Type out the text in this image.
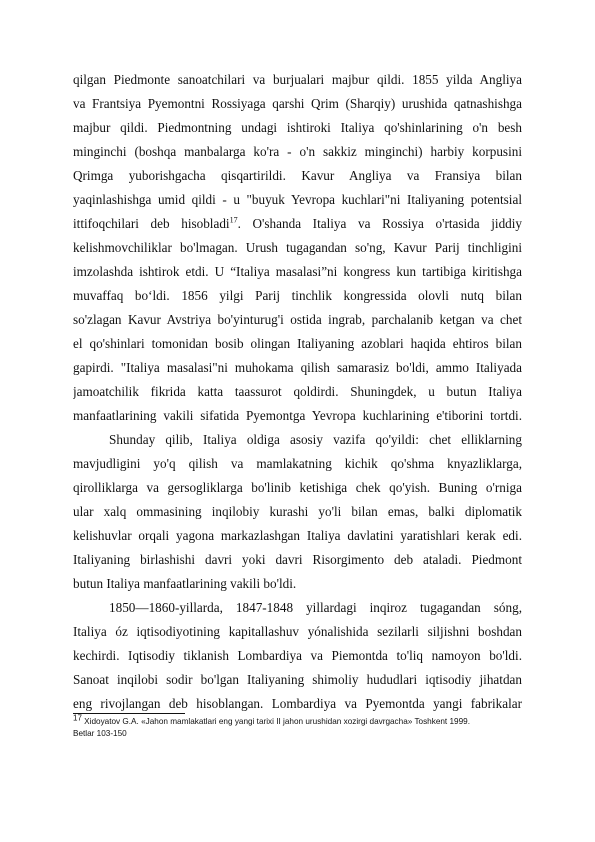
qilgan Piedmonte sanoatchilari va burjualari majbur qildi. 1855 yilda Angliya
va Frantsiya Pyemontni Rossiyaga qarshi Qrim (Sharqiy) urushida qatnashishga
majbur qildi. Piedmontning undagi ishtiroki Italiya qo'shinlarining o'n besh
minginchi (boshqa manbalarga ko'ra - o'n sakkiz minginchi) harbiy korpusini
Qrimga yuborishgacha qisqartirildi. Kavur Angliya va Fransiya bilan
yaqinlashishga umid qildi - u "buyuk Yevropa kuchlari"ni Italiyaning potentsial
ittifoqchilari deb hisobladi$^{17}$. O'shanda Italiya va Rossiya o'rtasida jiddiy
kelishmovchiliklar bo'lmagan. Urush tugagandan so'ng, Kavur Parij tinchligini
imzolashda ishtirok etdi. U “Italiya masalasi”ni kongress kun tartibiga kiritishga
muvaffaq bo‘ldi. 1856 yilgi Parij tinchlik kongressida olovli nutq bilan
so'zlagan Kavur Avstriya bo'yinturug'i ostida ingrab, parchalanib ketgan va chet
el qo'shinlari tomonidan bosib olingan Italiyaning azoblari haqida ehtiros bilan
gapirdi. "Italiya masalasi"ni muhokama qilish samarasiz bo'ldi, ammo Italiyada
jamoatchilik fikrida katta taassurot qoldirdi. Shuningdek, u butun Italiya
manfaatlarining vakili sifatida Pyemontga Yevropa kuchlarining e'tiborini tortdi.
Shunday qilib, Italiya oldiga asosiy vazifa qo'yildi: chet elliklarning
mavjudligini yo'q qilish va mamlakatning kichik qo'shma knyazliklarga,
qirolliklarga va gersogliklarga bo'linib ketishiga chek qo'yish. Buning o'rniga
ular xalq ommasining inqilobiy kurashi yo'li bilan emas, balki diplomatik
kelishuvlar orqali yagona markazlashgan Italiya davlatini yaratishlari kerak edi.
Italiyaning birlashishi davri yoki davri Risorgimento deb ataladi. Piedmont
butun Italiya manfaatlarining vakili bo'ldi.
1850—1860-yillarda, 1847-1848 yillardagi inqiroz tugagandan sóng,
Italiya óz iqtisodiyotining kapitallashuv yónalishida sezilarli siljishni boshdan
kechirdi. Iqtisodiy tiklanish Lombardiya va Piemontda to'liq namoyon bo'ldi.
Sanoat inqilobi sodir bo'lgan Italiyaning shimoliy hududlari iqtisodiy jihatdan
eng rivojlangan deb hisoblangan. Lombardiya va Pyemontda yangi fabrikalar
$^{17}$ Xidoyatov G.A. «Jahon mamlakatlari eng yangi tarixi II jahon urushidan xozirgi davrgacha» Toshkent 1999.
Betlar 103-150
